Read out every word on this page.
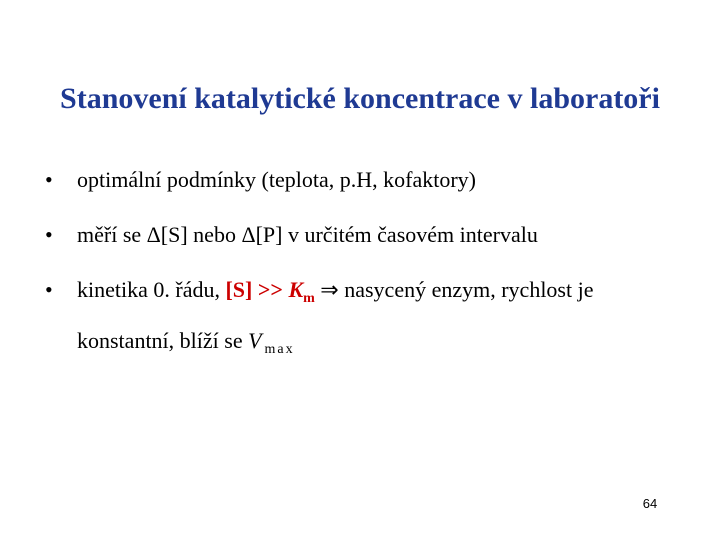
Stanovení katalytické koncentrace v laboratoři
• optimální podmínky (teplota, p.H, kofaktory)
• měří se Δ[S] nebo Δ[P] v určitém časovém intervalu
• kinetika 0. řádu, $[S] >> K_m$ ⇒ nasycený enzym, rychlost je
konstantní, blíží se V $_{max}$
64
